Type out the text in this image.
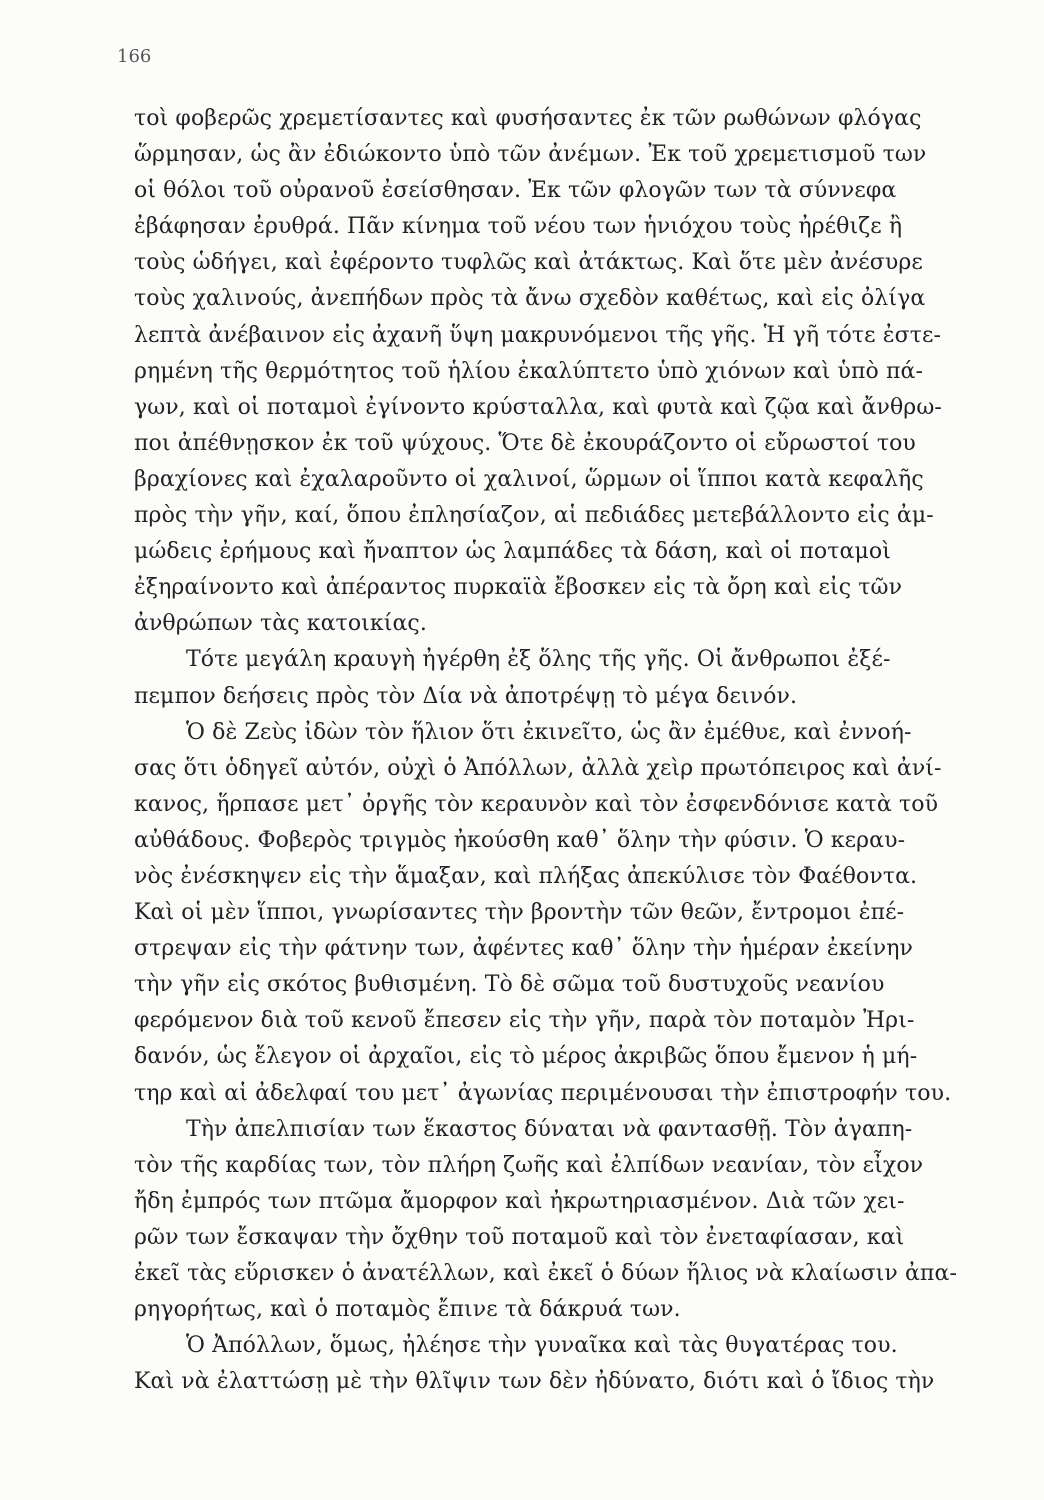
166
τοὶ φοβερῶς χρεμετίσαντες καὶ φυσήσαντες ἐκ τῶν ρωθώνων φλόγας
ὥρμησαν, ὡς ἂν ἐδιώκοντο ὑπὸ τῶν ἀνέμων. Ἐκ τοῦ χρεμετισμοῦ των
οἱ θόλοι τοῦ οὐρανοῦ ἐσείσθησαν. Ἐκ τῶν φλογῶν των τὰ σύννεφα
ἐβάφησαν ἐρυθρά. Πᾶν κίνημα τοῦ νέου των ἡνιόχου τοὺς ἠρέθιζε ἢ
τοὺς ὡδήγει, καὶ ἐφέροντο τυφλῶς καὶ ἀτάκτως. Καὶ ὅτε μὲν ἀνέσυρε
τοὺς χαλινούς, ἀνεπήδων πρὸς τὰ ἄνω σχεδὸν καθέτως, καὶ εἰς ὀλίγα
λεπτὰ ἀνέβαινον εἰς ἀχανῆ ὕψη μακρυνόμενοι τῆς γῆς. Ἡ γῆ τότε ἐστε-
ρημένη τῆς θερμότητος τοῦ ἡλίου ἐκαλύπτετο ὑπὸ χιόνων καὶ ὑπὸ πά-
γων, καὶ οἱ ποταμοὶ ἐγίνοντο κρύσταλλα, καὶ φυτὰ καὶ ζῷα καὶ ἄνθρω-
ποι ἀπέθνῃσκον ἐκ τοῦ ψύχους. Ὅτε δὲ ἐκουράζοντο οἱ εὔρωστοί του
βραχίονες καὶ ἐχαλαροῦντο οἱ χαλινοί, ὥρμων οἱ ἵπποι κατὰ κεφαλῆς
πρὸς τὴν γῆν, καί, ὅπου ἐπλησίαζον, αἱ πεδιάδες μετεβάλλοντο εἰς ἀμ-
μώδεις ἐρήμους καὶ ἤναπτον ὡς λαμπάδες τὰ δάση, καὶ οἱ ποταμοὶ
ἐξηραίνοντο καὶ ἀπέραντος πυρκαϊὰ ἔβοσκεν εἰς τὰ ὄρη καὶ εἰς τῶν
ἀνθρώπων τὰς κατοικίας.
Τότε μεγάλη κραυγὴ ἠγέρθη ἐξ ὅλης τῆς γῆς. Οἱ ἄνθρωποι ἐξέ-
πεμπον δεήσεις πρὸς τὸν Δία νὰ ἀποτρέψῃ τὸ μέγα δεινόν.
Ὁ δὲ Ζεὺς ἰδὼν τὸν ἥλιον ὅτι ἐκινεῖτο, ὡς ἂν ἐμέθυε, καὶ ἐννοή-
σας ὅτι ὁδηγεῖ αὐτόν, οὐχὶ ὁ Ἀπόλλων, ἀλλὰ χεὶρ πρωτόπειρος καὶ ἀνί-
κανος, ἥρπασε μετ᾿ ὀργῆς τὸν κεραυνὸν καὶ τὸν ἐσφενδόνισε κατὰ τοῦ
αὐθάδους. Φοβερὸς τριγμὸς ἠκούσθη καθ᾿ ὅλην τὴν φύσιν. Ὁ κεραυ-
νὸς ἐνέσκηψεν εἰς τὴν ἅμαξαν, καὶ πλήξας ἀπεκύλισε τὸν Φαέθοντα.
Καὶ οἱ μὲν ἵπποι, γνωρίσαντες τὴν βροντὴν τῶν θεῶν, ἔντρομοι ἐπέ-
στρεψαν εἰς τὴν φάτνην των, ἀφέντες καθ᾿ ὅλην τὴν ἡμέραν ἐκείνην
τὴν γῆν εἰς σκότος βυθισμένη. Τὸ δὲ σῶμα τοῦ δυστυχοῦς νεανίου
φερόμενον διὰ τοῦ κενοῦ ἔπεσεν εἰς τὴν γῆν, παρὰ τὸν ποταμὸν Ἠρι-
δανόν, ὡς ἔλεγον οἱ ἀρχαῖοι, εἰς τὸ μέρος ἀκριβῶς ὅπου ἔμενον ἡ μή-
τηρ καὶ αἱ ἀδελφαί του μετ᾿ ἀγωνίας περιμένουσαι τὴν ἐπιστροφήν του.
Τὴν ἀπελπισίαν των ἕκαστος δύναται νὰ φαντασθῇ. Τὸν ἀγαπη-
τὸν τῆς καρδίας των, τὸν πλήρη ζωῆς καὶ ἐλπίδων νεανίαν, τὸν εἶχον
ἤδη ἐμπρός των πτῶμα ἄμορφον καὶ ἠκρωτηριασμένον. Διὰ τῶν χει-
ρῶν των ἔσκαψαν τὴν ὄχθην τοῦ ποταμοῦ καὶ τὸν ἐνεταφίασαν, καὶ
ἐκεῖ τὰς εὕρισκεν ὁ ἀνατέλλων, καὶ ἐκεῖ ὁ δύων ἥλιος νὰ κλαίωσιν ἀπα-
ρηγορήτως, καὶ ὁ ποταμὸς ἔπινε τὰ δάκρυά των.
Ὁ Ἀπόλλων, ὅμως, ἠλέησε τὴν γυναῖκα καὶ τὰς θυγατέρας του.
Καὶ νὰ ἐλαττώσῃ μὲ τὴν θλῖψιν των δὲν ἠδύνατο, διότι καὶ ὁ ἴδιος τὴν
